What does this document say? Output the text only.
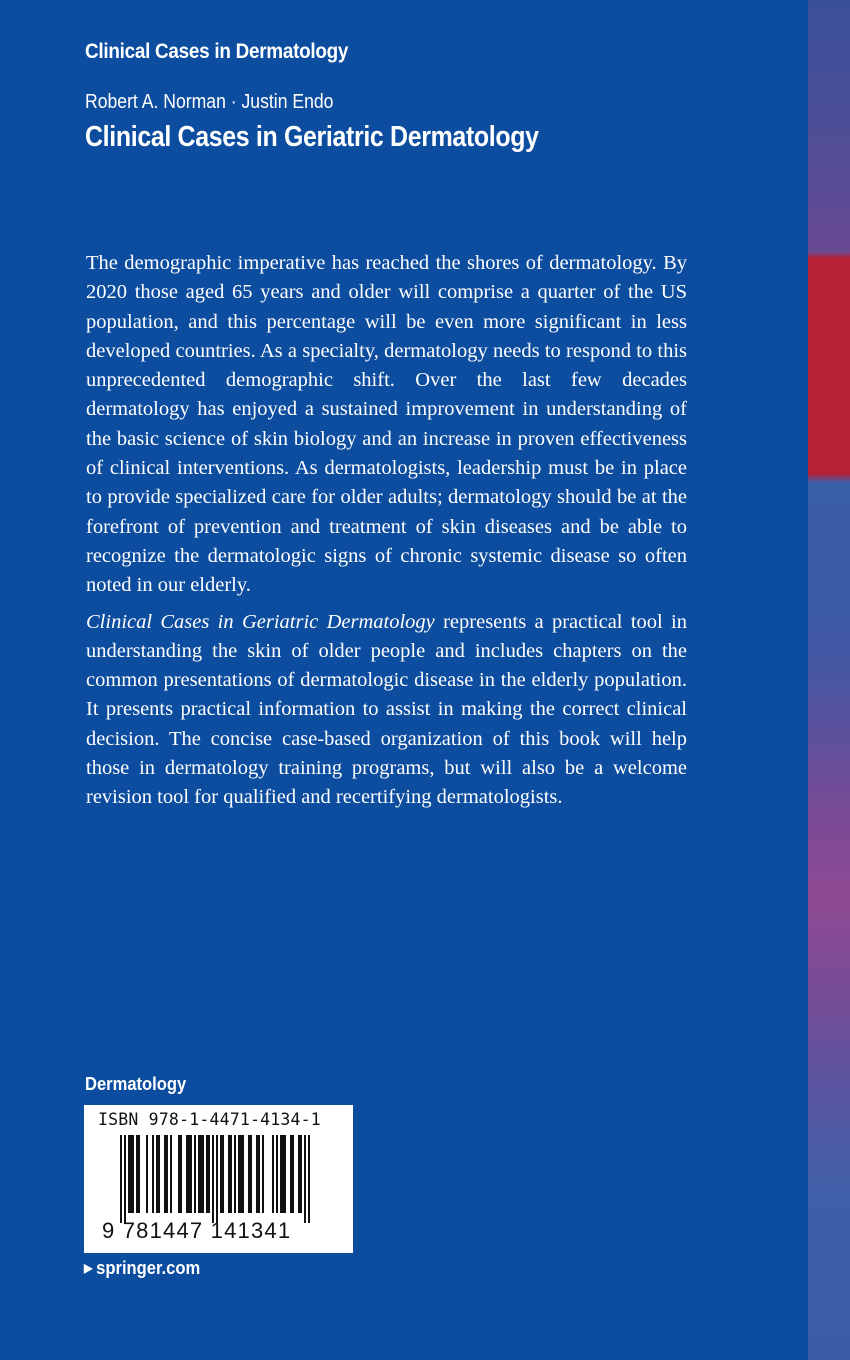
Clinical Cases in Dermatology
Robert A. Norman · Justin Endo
Clinical Cases in Geriatric Dermatology

The demographic imperative has reached the shores of dermatology. By 2020 those aged 65 years and older will comprise a quarter of the US population, and this percentage will be even more significant in less developed countries. As a specialty, dermatology needs to respond to this unprecedented demographic shift. Over the last few decades dermatology has enjoyed a sustained improvement in understanding of the basic science of skin biology and an increase in proven effectiveness of clinical interventions. As dermatologists, leadership must be in place to provide specialized care for older adults; dermatology should be at the forefront of prevention and treatment of skin diseases and be able to recognize the dermatologic signs of chronic systemic disease so often noted in our elderly.

Clinical Cases in Geriatric Dermatology represents a practical tool in understanding the skin of older people and includes chapters on the common presentations of dermatologic disease in the elderly population. It presents practical information to assist in making the correct clinical decision. The concise case-based organization of this book will help those in dermatology training programs, but will also be a welcome revision tool for qualified and recertifying dermatologists.

Dermatology
ISBN 978-1-4471-4134-1
9 781447 141341
▶ springer.com
